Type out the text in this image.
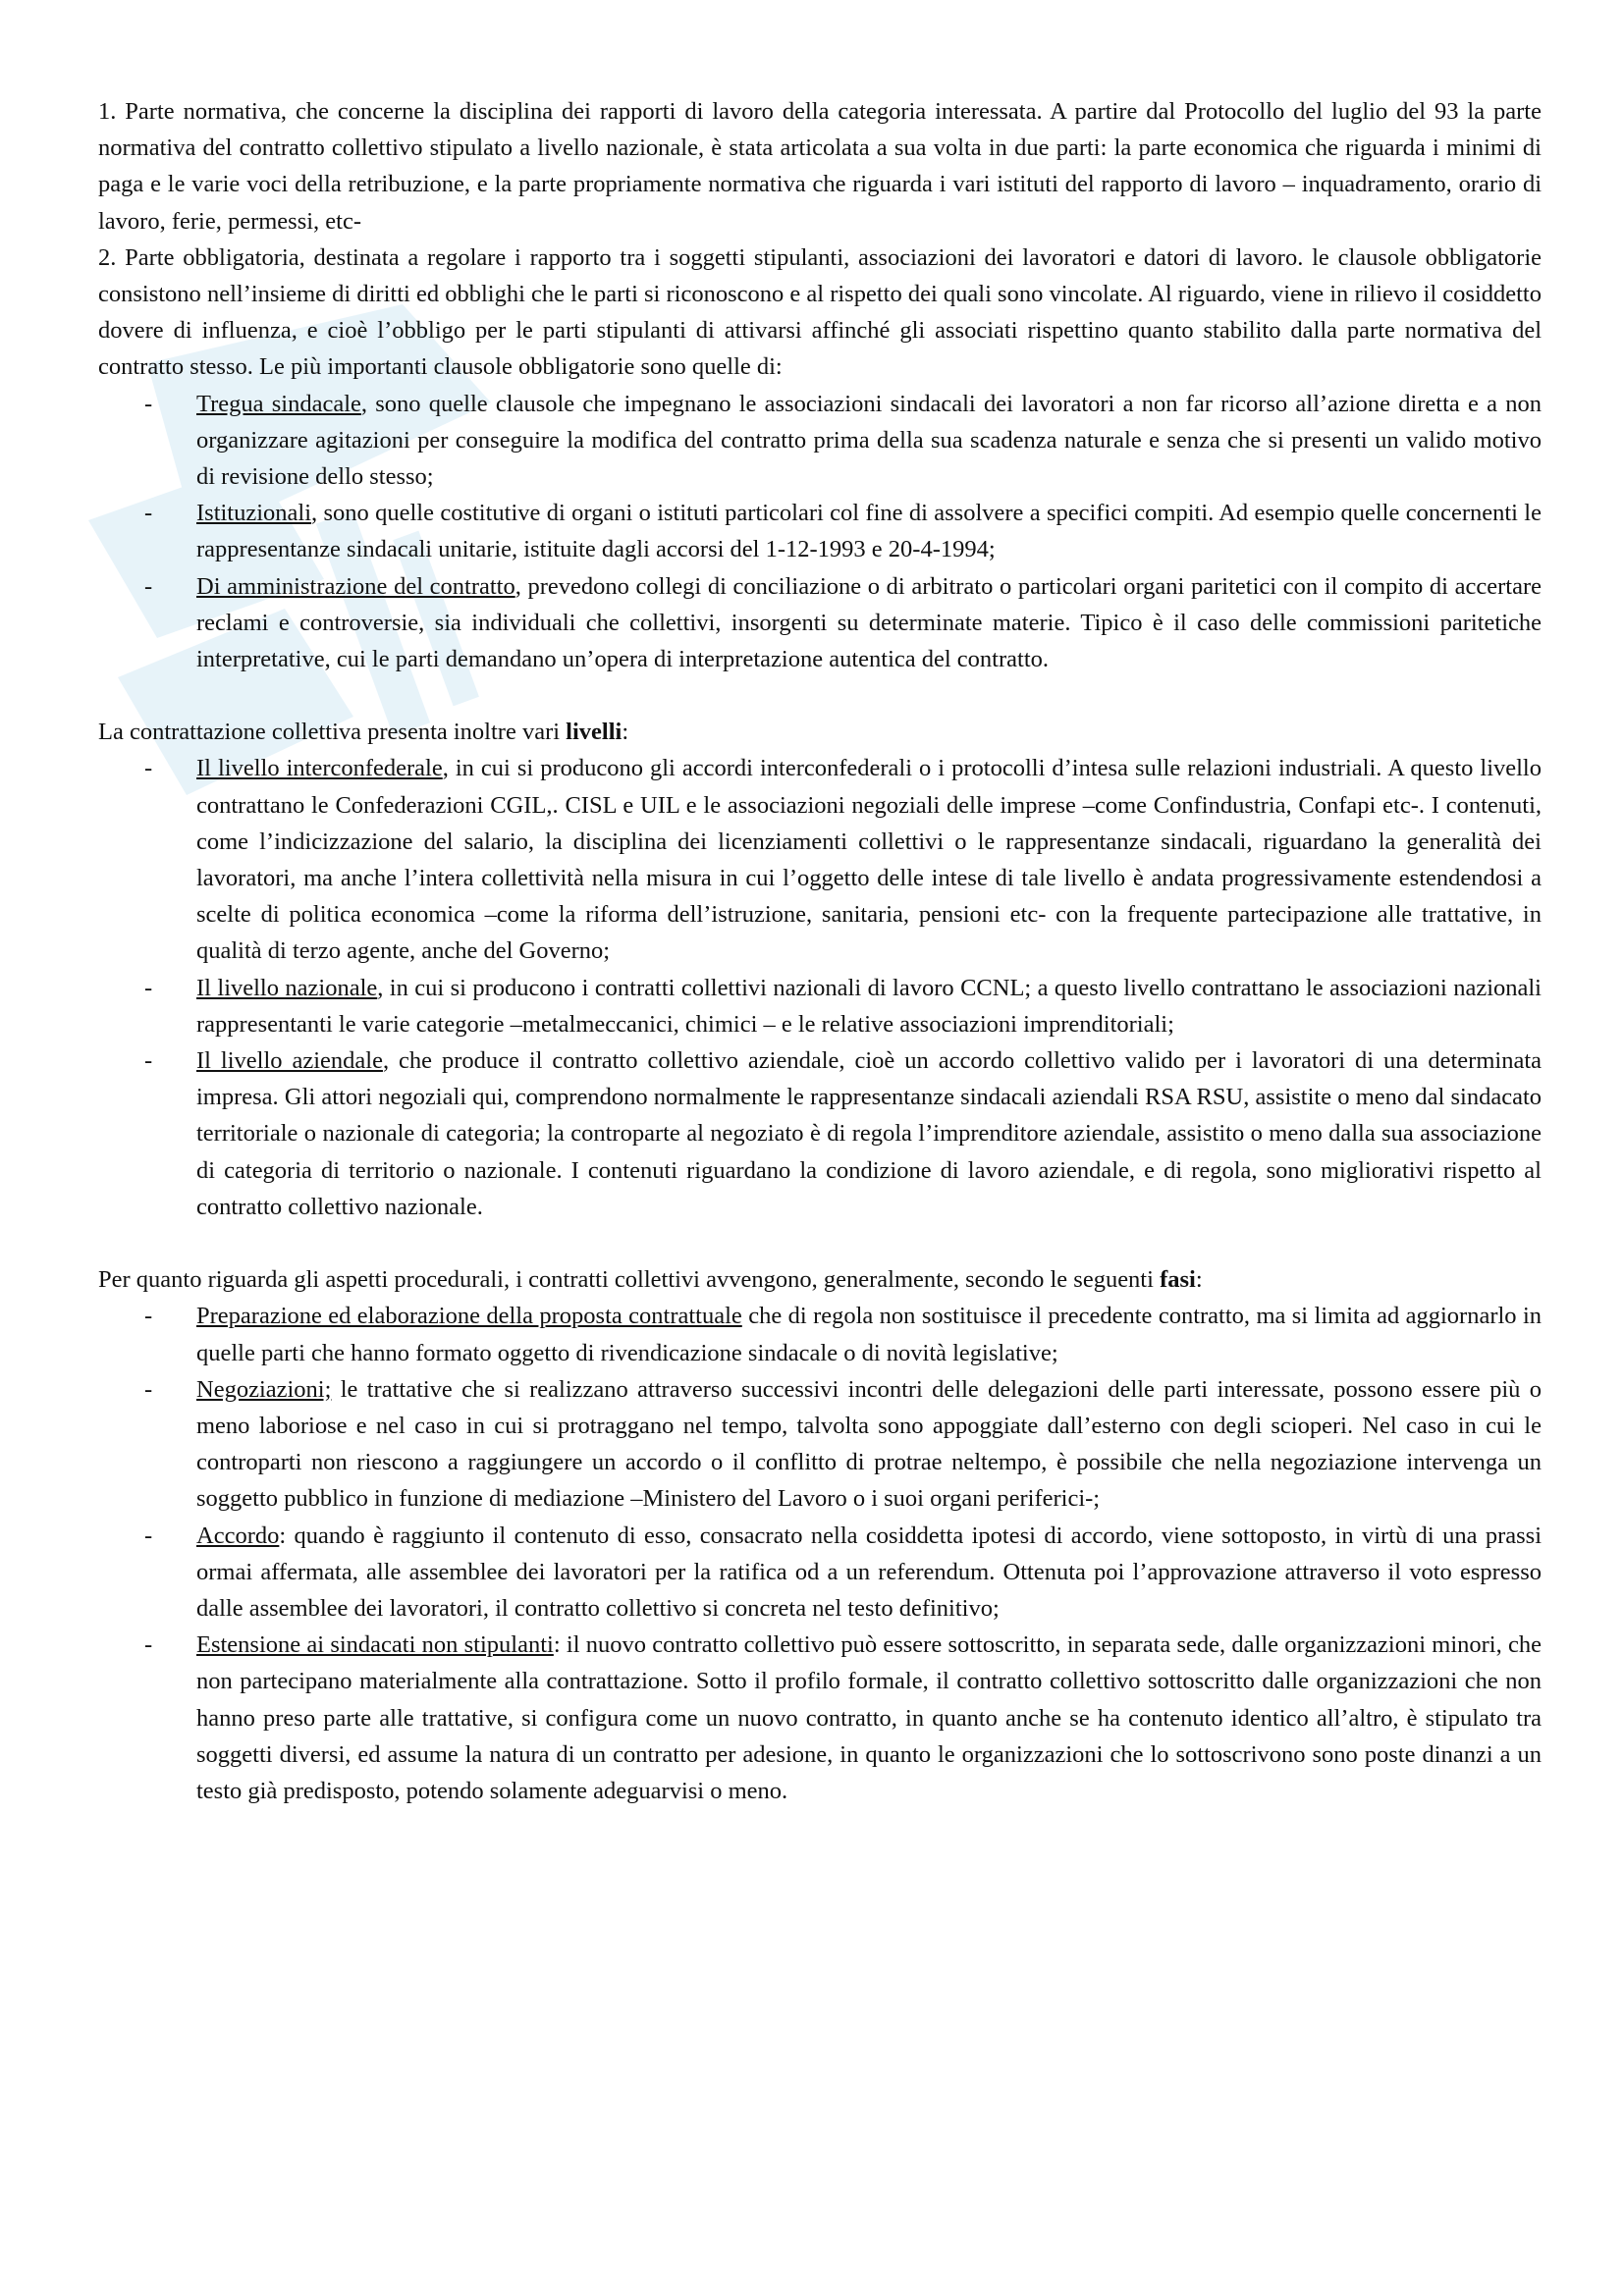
1. Parte normativa, che concerne la disciplina dei rapporti di lavoro della categoria interessata. A partire dal Protocollo del luglio del 93 la parte normativa del contratto collettivo stipulato a livello nazionale, è stata articolata a sua volta in due parti: la parte economica che riguarda i minimi di paga e le varie voci della retribuzione, e la parte propriamente normativa che riguarda i vari istituti del rapporto di lavoro – inquadramento, orario di lavoro, ferie, permessi, etc-

2. Parte obbligatoria, destinata a regolare i rapporto tra i soggetti stipulanti, associazioni dei lavoratori e datori di lavoro. le clausole obbligatorie consistono nell’insieme di diritti ed obblighi che le parti si riconoscono e al rispetto dei quali sono vincolate. Al riguardo, viene in rilievo il cosiddetto dovere di influenza, e cioè l’obbligo per le parti stipulanti di attivarsi affinché gli associati rispettino quanto stabilito dalla parte normativa del contratto stesso. Le più importanti clausole obbligatorie sono quelle di:

- Tregua sindacale, sono quelle clausole che impegnano le associazioni sindacali dei lavoratori a non far ricorso all’azione diretta e a non organizzare agitazioni per conseguire la modifica del contratto prima della sua scadenza naturale e senza che si presenti un valido motivo di revisione dello stesso;
- Istituzionali, sono quelle costitutive di organi o istituti particolari col fine di assolvere a specifici compiti. Ad esempio quelle concernenti le rappresentanze sindacali unitarie, istituite dagli accorsi del 1-12-1993 e 20-4-1994;
- Di amministrazione del contratto, prevedono collegi di conciliazione o di arbitrato o particolari organi paritetici con il compito di accertare reclami e controversie, sia individuali che collettivi, insorgenti su determinate materie. Tipico è il caso delle commissioni paritetiche interpretative, cui le parti demandano un’opera di interpretazione autentica del contratto.

La contrattazione collettiva presenta inoltre vari livelli:

- Il livello interconfederale, in cui si producono gli accordi interconfederali o i protocolli d’intesa sulle relazioni industriali. A questo livello contrattano le Confederazioni CGIL,. CISL e UIL e le associazioni negoziali delle imprese –come Confindustria, Confapi etc-. I contenuti, come l’indicizzazione del salario, la disciplina dei licenziamenti collettivi o le rappresentanze sindacali, riguardano la generalità dei lavoratori, ma anche l’intera collettività nella misura in cui l’oggetto delle intese di tale livello è andata progressivamente estendendosi a scelte di politica economica –come la riforma dell’istruzione, sanitaria, pensioni etc- con la frequente partecipazione alle trattative, in qualità di terzo agente, anche del Governo;
- Il livello nazionale, in cui si producono i contratti collettivi nazionali di lavoro CCNL; a questo livello contrattano le associazioni nazionali rappresentanti le varie categorie –metalmeccanici, chimici – e le relative associazioni imprenditoriali;
- Il livello aziendale, che produce il contratto collettivo aziendale, cioè un accordo collettivo valido per i lavoratori di una determinata impresa. Gli attori negoziali qui, comprendono normalmente le rappresentanze sindacali aziendali RSA RSU, assistite o meno dal sindacato territoriale o nazionale di categoria; la controparte al negoziato è di regola l’imprenditore aziendale, assistito o meno dalla sua associazione di categoria di territorio o nazionale. I contenuti riguardano la condizione di lavoro aziendale, e di regola, sono migliorativi rispetto al contratto collettivo nazionale.

Per quanto riguarda gli aspetti procedurali, i contratti collettivi avvengono, generalmente, secondo le seguenti fasi:

- Preparazione ed elaborazione della proposta contrattuale che di regola non sostituisce il precedente contratto, ma si limita ad aggiornarlo in quelle parti che hanno formato oggetto di rivendicazione sindacale o di novità legislative;
- Negoziazioni; le trattative che si realizzano attraverso successivi incontri delle delegazioni delle parti interessate, possono essere più o meno laboriose e nel caso in cui si protraggano nel tempo, talvolta sono appoggiate dall’esterno con degli scioperi. Nel caso in cui le controparti non riescono a raggiungere un accordo o il conflitto di protrae neltempo, è possibile che nella negoziazione intervenga un soggetto pubblico in funzione di mediazione –Ministero del Lavoro o i suoi organi periferici-;
- Accordo: quando è raggiunto il contenuto di esso, consacrato nella cosiddetta ipotesi di accordo, viene sottoposto, in virtù di una prassi ormai affermata, alle assemblee dei lavoratori per la ratifica od a un referendum. Ottenuta poi l’approvazione attraverso il voto espresso dalle assemblee dei lavoratori, il contratto collettivo si concreta nel testo definitivo;
- Estensione ai sindacati non stipulanti: il nuovo contratto collettivo può essere sottoscritto, in separata sede, dalle organizzazioni minori, che non partecipano materialmente alla contrattazione. Sotto il profilo formale, il contratto collettivo sottoscritto dalle organizzazioni che non hanno preso parte alle trattative, si configura come un nuovo contratto, in quanto anche se ha contenuto identico all’altro, è stipulato tra soggetti diversi, ed assume la natura di un contratto per adesione, in quanto le organizzazioni che lo sottoscrivono sono poste dinanzi a un testo già predisposto, potendo solamente adeguarvisi o meno.
